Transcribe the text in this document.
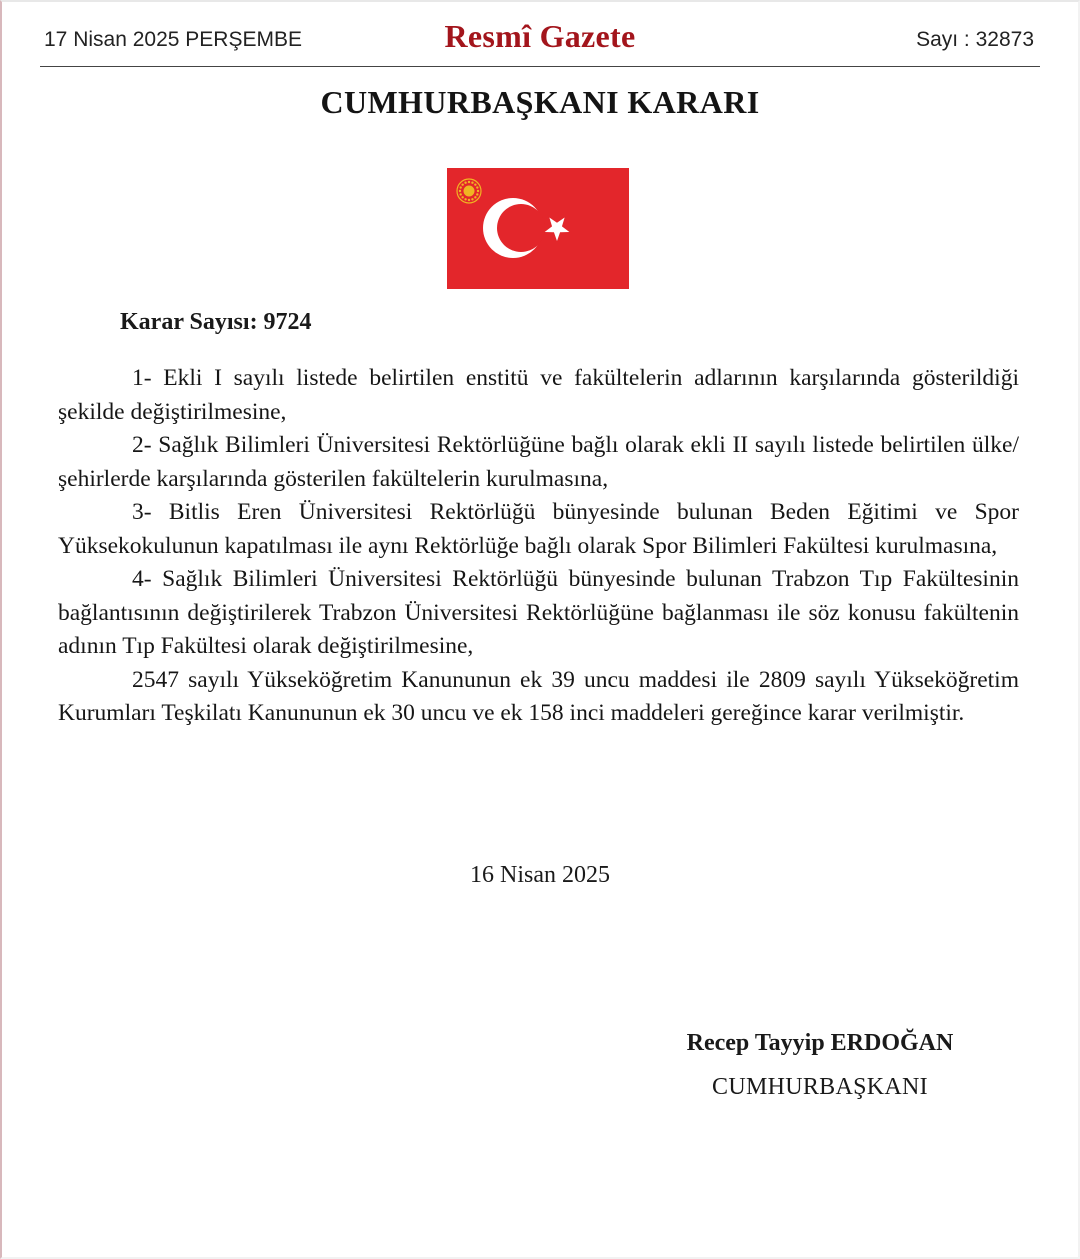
17 Nisan 2025 PERŞEMBE	Resmî Gazete	Sayı : 32873
CUMHURBAŞKANI KARARI
Karar Sayısı: 9724

1- Ekli I sayılı listede belirtilen enstitü ve fakültelerin adlarının karşılarında gösterildiği şekilde değiştirilmesine,

2- Sağlık Bilimleri Üniversitesi Rektörlüğüne bağlı olarak ekli II sayılı listede belirtilen ülke/şehirlerde karşılarında gösterilen fakültelerin kurulmasına,

3- Bitlis Eren Üniversitesi Rektörlüğü bünyesinde bulunan Beden Eğitimi ve Spor Yüksekokulunun kapatılması ile aynı Rektörlüğe bağlı olarak Spor Bilimleri Fakültesi kurulmasına,

4- Sağlık Bilimleri Üniversitesi Rektörlüğü bünyesinde bulunan Trabzon Tıp Fakültesinin bağlantısının değiştirilerek Trabzon Üniversitesi Rektörlüğüne bağlanması ile söz konusu fakültenin adının Tıp Fakültesi olarak değiştirilmesine,

2547 sayılı Yükseköğretim Kanununun ek 39 uncu maddesi ile 2809 sayılı Yükseköğretim Kurumları Teşkilatı Kanununun ek 30 uncu ve ek 158 inci maddeleri gereğince karar verilmiştir.

16 Nisan 2025
Recep Tayyip ERDOĞAN
CUMHURBAŞKANI
